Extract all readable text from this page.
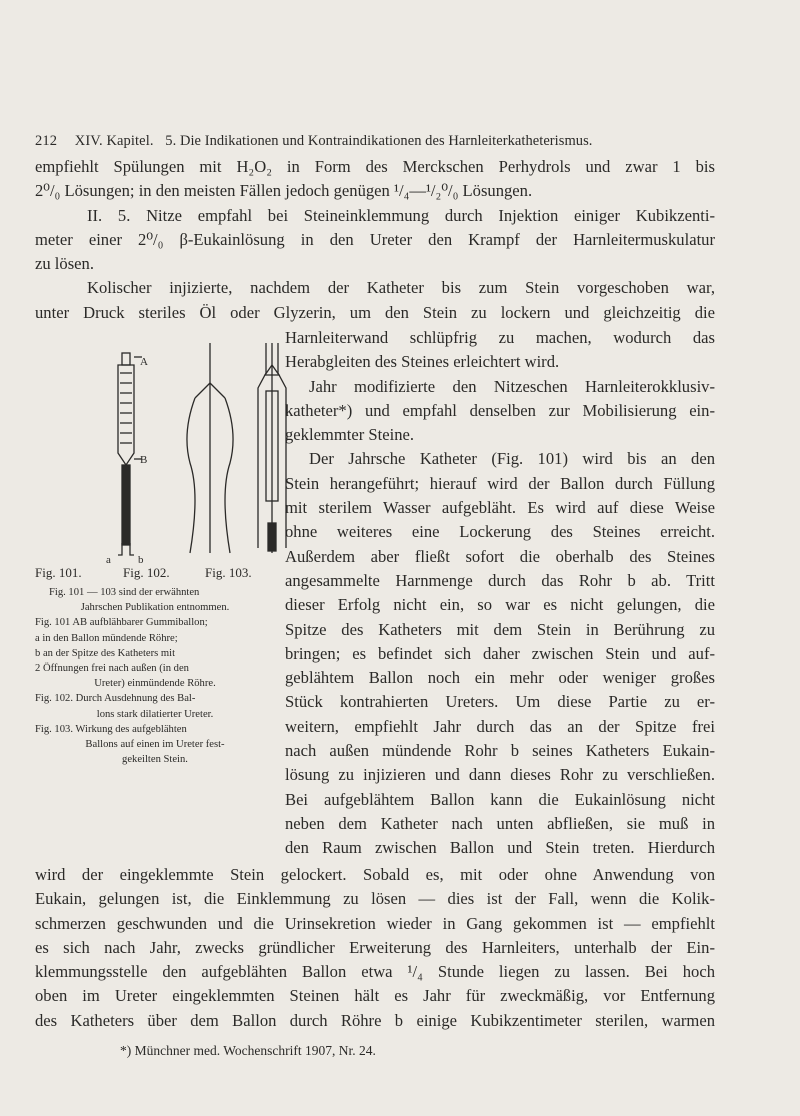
212 XIV. Kapitel. 5. Die Indikationen und Kontraindikationen des Harnleiterkatheterismus.
empfiehlt Spülungen mit H₂O₂ in Form des Merckschen Perhydrols und zwar 1 bis
2⁰/₀ Lösungen; in den meisten Fällen jedoch genügen ¹/₄—¹/₂⁰/₀ Lösungen.
II. 5. Nitze empfahl bei Steineinklemmung durch Injektion einiger Kubikzenti-
meter einer 2⁰/₀ β-Eukainlösung in den Ureter den Krampf der Harnleitermuskulatur
zu lösen.
Kolischer injizierte, nachdem der Katheter bis zum Stein vorgeschoben war,
unter Druck steriles Öl oder Glyzerin, um den Stein zu lockern und gleichzeitig die
A
B
a b
Fig. 101.	Fig. 102.	Fig. 103.
Fig. 101 — 103 sind der erwähnten
Jahrschen Publikation entnommen.
Fig. 101 AB aufblähbarer Gummiballon;
a in den Ballon mündende Röhre;
b an der Spitze des Katheters mit
2 Öffnungen frei nach außen (in den
Ureter) einmündende Röhre.
Fig. 102. Durch Ausdehnung des Bal-
lons stark dilatierter Ureter.
Fig. 103. Wirkung des aufgeblähten
Ballons auf einen im Ureter fest-
gekeilten Stein.
Harnleiterwand schlüpfrig zu machen, wodurch das
Herabgleiten des Steines erleichtert wird.
Jahr modifizierte den Nitzeschen Harnleiterokklusiv-
katheter*) und empfahl denselben zur Mobilisierung ein-
geklemmter Steine.
Der Jahrsche Katheter (Fig. 101) wird bis an den
Stein herangeführt; hierauf wird der Ballon durch Füllung
mit sterilem Wasser aufgebläht. Es wird auf diese Weise
ohne weiteres eine Lockerung des Steines erreicht.
Außerdem aber fließt sofort die oberhalb des Steines
angesammelte Harnmenge durch das Rohr b ab. Tritt
dieser Erfolg nicht ein, so war es nicht gelungen, die
Spitze des Katheters mit dem Stein in Berührung zu
bringen; es befindet sich daher zwischen Stein und auf-
geblähtem Ballon noch ein mehr oder weniger großes
Stück kontrahierten Ureters. Um diese Partie zu er-
weitern, empfiehlt Jahr durch das an der Spitze frei
nach außen mündende Rohr b seines Katheters Eukain-
lösung zu injizieren und dann dieses Rohr zu verschließen.
Bei aufgeblähtem Ballon kann die Eukainlösung nicht
neben dem Katheter nach unten abfließen, sie muß in
den Raum zwischen Ballon und Stein treten. Hierdurch
wird der eingeklemmte Stein gelockert. Sobald es, mit oder ohne Anwendung von
Eukain, gelungen ist, die Einklemmung zu lösen — dies ist der Fall, wenn die Kolik-
schmerzen geschwunden und die Urinsekretion wieder in Gang gekommen ist — empfiehlt
es sich nach Jahr, zwecks gründlicher Erweiterung des Harnleiters, unterhalb der Ein-
klemmungsstelle den aufgeblähten Ballon etwa ¹/₄ Stunde liegen zu lassen. Bei hoch
oben im Ureter eingeklemmten Steinen hält es Jahr für zweckmäßig, vor Entfernung
des Katheters über dem Ballon durch Röhre b einige Kubikzentimeter sterilen, warmen
*) Münchner med. Wochenschrift 1907, Nr. 24.
